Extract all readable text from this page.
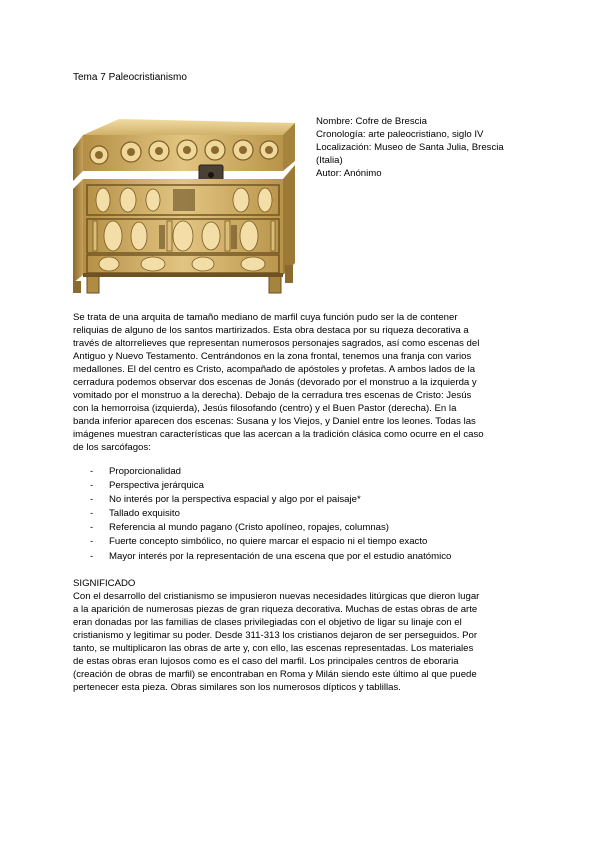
Tema 7 Paleocristianismo
Nombre: Cofre de Brescia
Cronología: arte paleocristiano, siglo IV
Localización: Museo de Santa Julia, Brescia (Italia)
Autor: Anónimo
Se trata de una arquita de tamaño mediano de marfil cuya función pudo ser la de contener
reliquias de alguno de los santos martirizados. Esta obra destaca por su riqueza decorativa a
través de altorrelieves que representan numerosos personajes sagrados, así como escenas del
Antiguo y Nuevo Testamento. Centrándonos en la zona frontal, tenemos una franja con varios
medallones. El del centro es Cristo, acompañado de apóstoles y profetas. A ambos lados de la
cerradura podemos observar dos escenas de Jonás (devorado por el monstruo a la izquierda y
vomitado por el monstruo a la derecha). Debajo de la cerradura tres escenas de Cristo: Jesús
con la hemorroisa (izquierda), Jesús filosofando (centro) y el Buen Pastor (derecha). En la
banda inferior aparecen dos escenas: Susana y los Viejos, y Daniel entre los leones. Todas las
imágenes muestran características que las acercan a la tradición clásica como ocurre en el caso
de los sarcófagos:
- Proporcionalidad
- Perspectiva jerárquica
- No interés por la perspectiva espacial y algo por el paisaje*
- Tallado exquisito
- Referencia al mundo pagano (Cristo apolíneo, ropajes, columnas)
- Fuerte concepto simbólico, no quiere marcar el espacio ni el tiempo exacto
- Mayor interés por la representación de una escena que por el estudio anatómico
SIGNIFICADO
Con el desarrollo del cristianismo se impusieron nuevas necesidades litúrgicas que dieron lugar
a la aparición de numerosas piezas de gran riqueza decorativa. Muchas de estas obras de arte
eran donadas por las familias de clases privilegiadas con el objetivo de ligar su linaje con el
cristianismo y legitimar su poder. Desde 311-313 los cristianos dejaron de ser perseguidos. Por
tanto, se multiplicaron las obras de arte y, con ello, las escenas representadas. Los materiales
de estas obras eran lujosos como es el caso del marfil. Los principales centros de eboraria
(creación de obras de marfil) se encontraban en Roma y Milán siendo este último al que puede
pertenecer esta pieza. Obras similares son los numerosos dípticos y tablillas.
